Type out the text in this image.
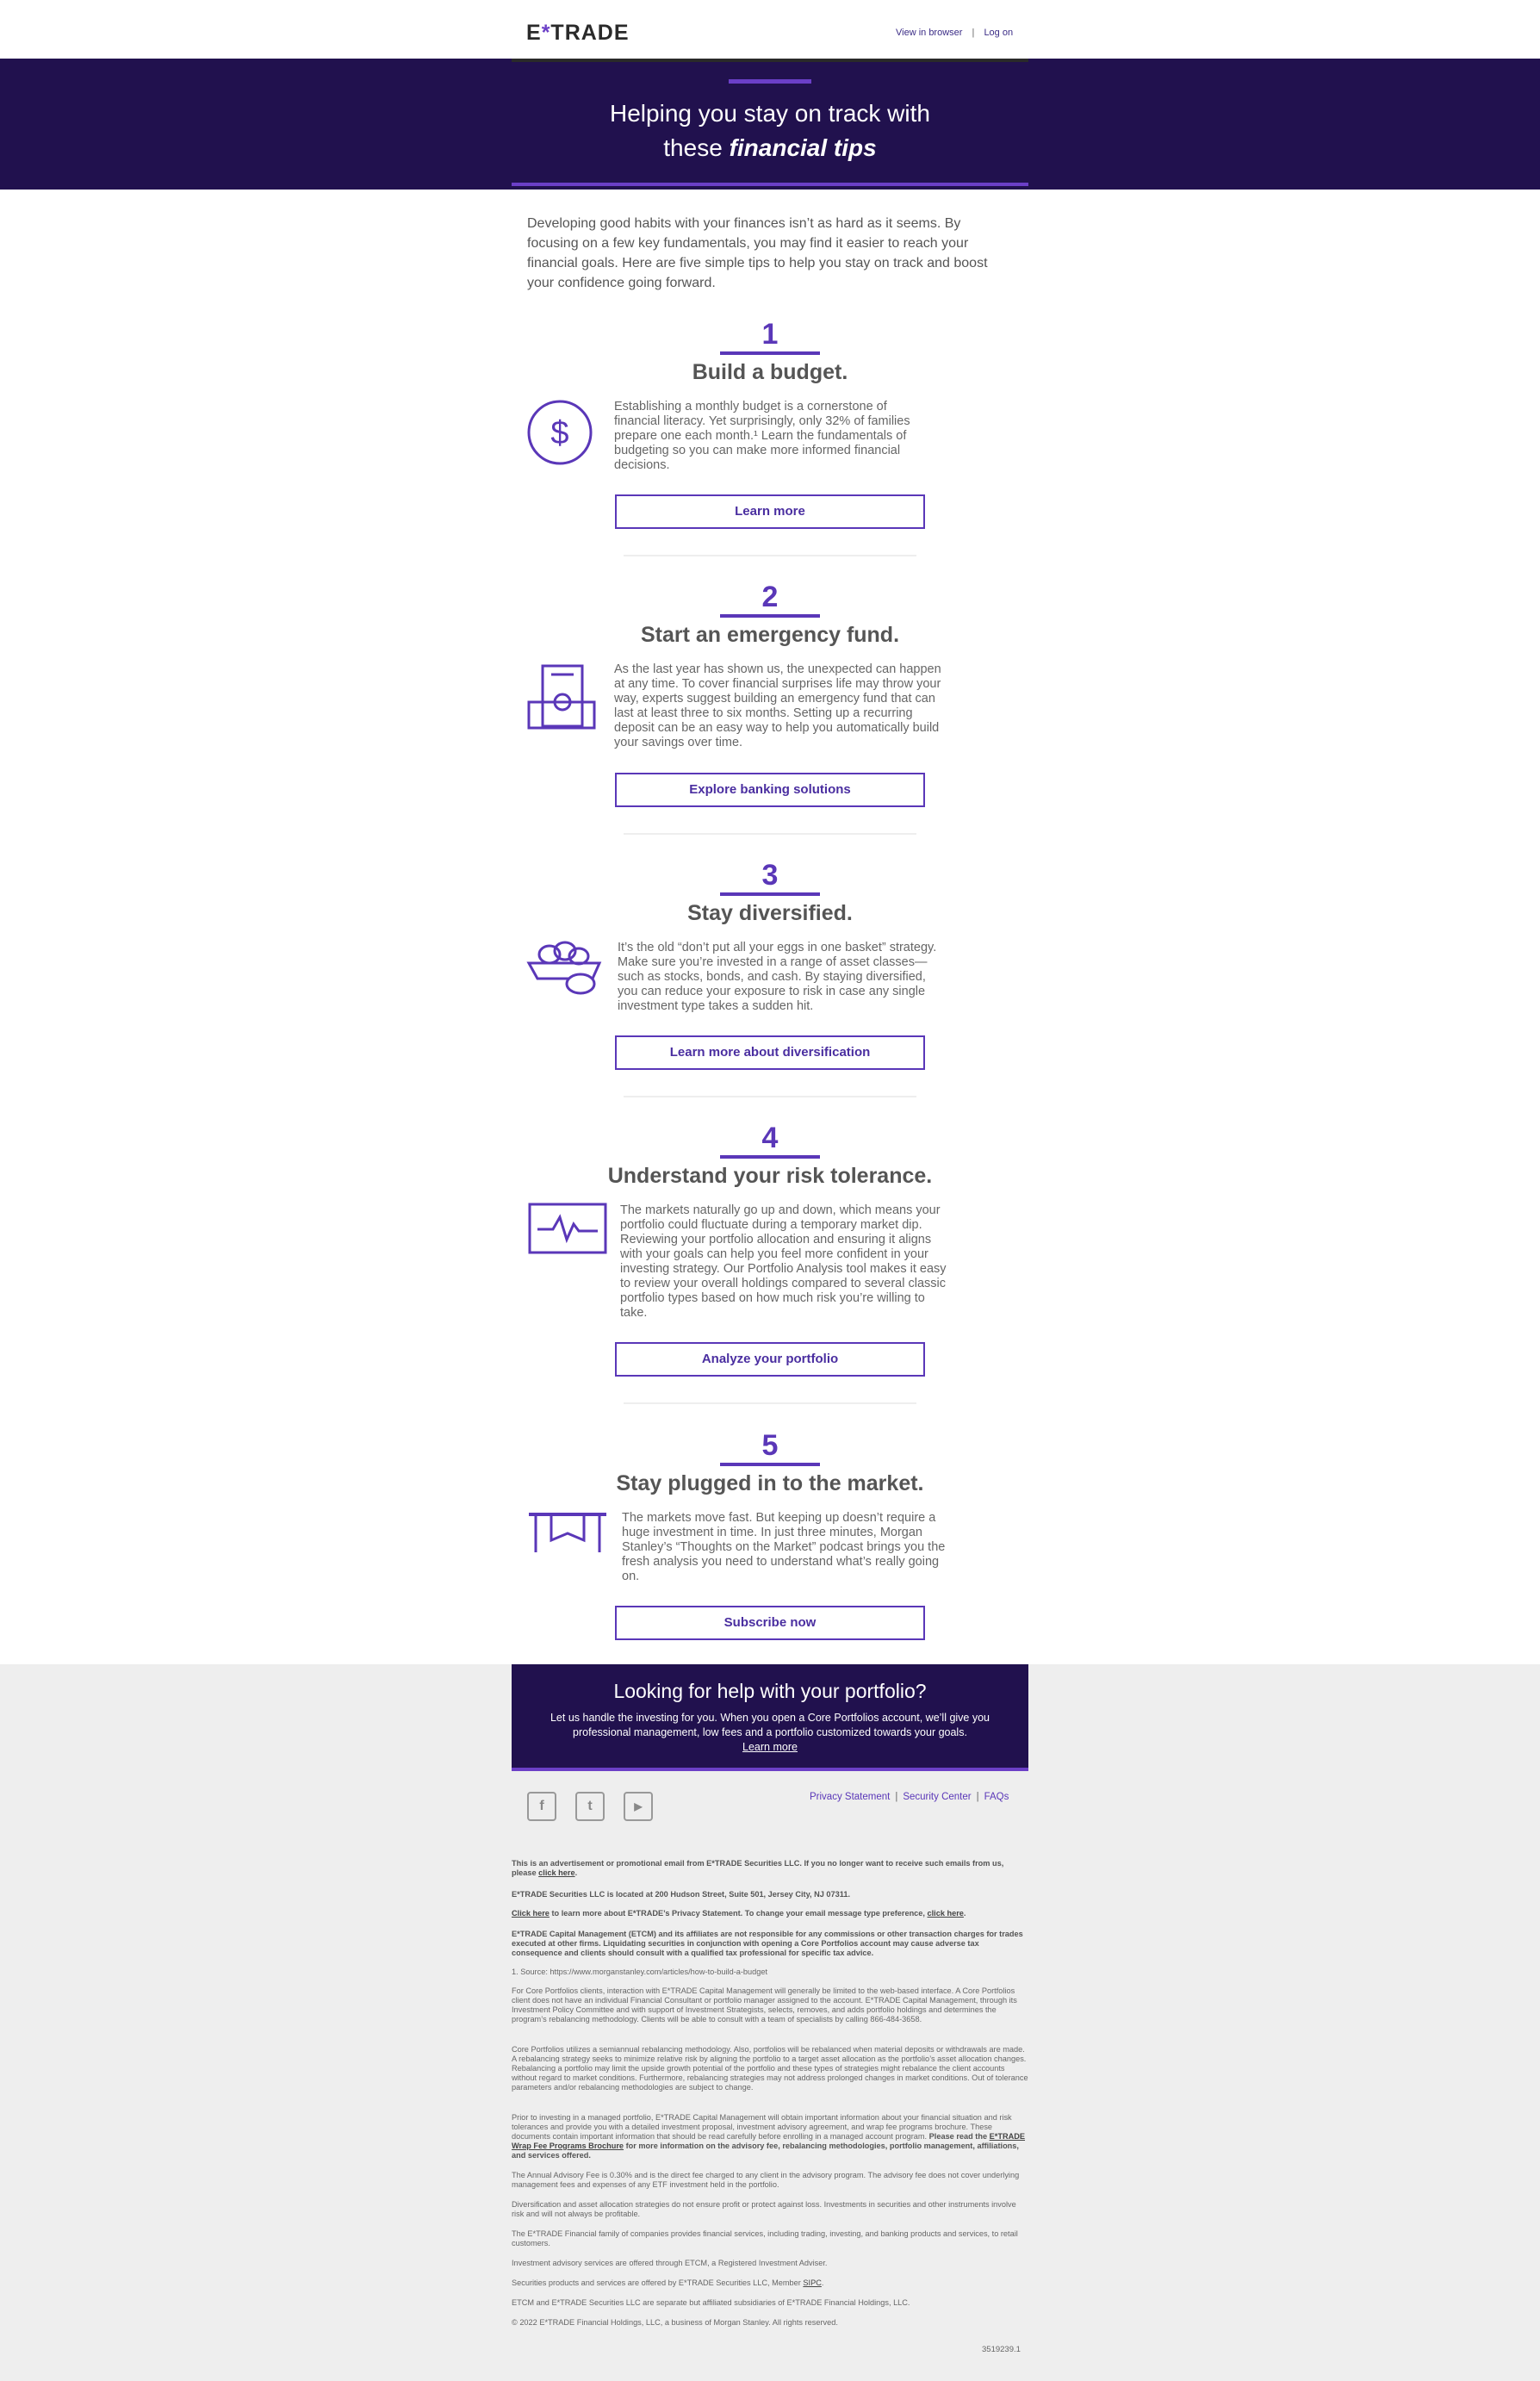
E*TRADE	View in browser | Log on
Helping you stay on track with
these financial tips
Developing good habits with your finances isn’t as hard as it seems. By focusing on a few key fundamentals, you may find it easier to reach your financial goals. Here are five simple tips to help you stay on track and boost your confidence going forward.
1
Build a budget.
$
Establishing a monthly budget is a cornerstone of financial literacy. Yet surprisingly, only 32% of families prepare one each month.¹ Learn the fundamentals of budgeting so you can make more informed financial decisions.
Learn more
2
Start an emergency fund.
As the last year has shown us, the unexpected can happen at any time. To cover financial surprises life may throw your way, experts suggest building an emergency fund that can last at least three to six months. Setting up a recurring deposit can be an easy way to help you automatically build your savings over time.
Explore banking solutions
3
Stay diversified.
It’s the old “don’t put all your eggs in one basket” strategy. Make sure you’re invested in a range of asset classes—such as stocks, bonds, and cash. By staying diversified, you can reduce your exposure to risk in case any single investment type takes a sudden hit.
Learn more about diversification
4
Understand your risk tolerance.
The markets naturally go up and down, which means your portfolio could fluctuate during a temporary market dip. Reviewing your portfolio allocation and ensuring it aligns with your goals can help you feel more confident in your investing strategy. Our Portfolio Analysis tool makes it easy to review your overall holdings compared to several classic portfolio types based on how much risk you’re willing to take.
Analyze your portfolio
5
Stay plugged in to the market.
The markets move fast. But keeping up doesn’t require a huge investment in time. In just three minutes, Morgan Stanley’s “Thoughts on the Market” podcast brings you the fresh analysis you need to understand what’s really going on.
Subscribe now
Looking for help with your portfolio?
Let us handle the investing for you. When you open a Core Portfolios account, we’ll give you professional management, low fees and a portfolio customized towards your goals.
Learn more
f	t	▶
Privacy Statement | Security Center | FAQs
This is an advertisement or promotional email from E*TRADE Securities LLC. If you no longer want to receive such emails from us, please click here.
E*TRADE Securities LLC is located at 200 Hudson Street, Suite 501, Jersey City, NJ 07311.
Click here to learn more about E*TRADE’s Privacy Statement. To change your email message type preference, click here.
E*TRADE Capital Management (ETCM) and its affiliates are not responsible for any commissions or other transaction charges for trades executed at other firms. Liquidating securities in conjunction with opening a Core Portfolios account may cause adverse tax consequence and clients should consult with a qualified tax professional for specific tax advice.
1. Source: https://www.morganstanley.com/articles/how-to-build-a-budget
For Core Portfolios clients, interaction with E*TRADE Capital Management will generally be limited to the web-based interface. A Core Portfolios client does not have an individual Financial Consultant or portfolio manager assigned to the account. E*TRADE Capital Management, through its Investment Policy Committee and with support of Investment Strategists, selects, removes, and adds portfolio holdings and determines the program’s rebalancing methodology. Clients will be able to consult with a team of specialists by calling 866-484-3658.
Core Portfolios utilizes a semiannual rebalancing methodology. Also, portfolios will be rebalanced when material deposits or withdrawals are made. A rebalancing strategy seeks to minimize relative risk by aligning the portfolio to a target asset allocation as the portfolio’s asset allocation changes. Rebalancing a portfolio may limit the upside growth potential of the portfolio and these types of strategies might rebalance the client accounts without regard to market conditions. Furthermore, rebalancing strategies may not address prolonged changes in market conditions. Out of tolerance parameters and/or rebalancing methodologies are subject to change.
Prior to investing in a managed portfolio, E*TRADE Capital Management will obtain important information about your financial situation and risk tolerances and provide you with a detailed investment proposal, investment advisory agreement, and wrap fee programs brochure. These documents contain important information that should be read carefully before enrolling in a managed account program. Please read the E*TRADE Wrap Fee Programs Brochure for more information on the advisory fee, rebalancing methodologies, portfolio management, affiliations, and services offered.
The Annual Advisory Fee is 0.30% and is the direct fee charged to any client in the advisory program. The advisory fee does not cover underlying management fees and expenses of any ETF investment held in the portfolio.
Diversification and asset allocation strategies do not ensure profit or protect against loss. Investments in securities and other instruments involve risk and will not always be profitable.
The E*TRADE Financial family of companies provides financial services, including trading, investing, and banking products and services, to retail customers.
Investment advisory services are offered through ETCM, a Registered Investment Adviser.
Securities products and services are offered by E*TRADE Securities LLC, Member SIPC.
ETCM and E*TRADE Securities LLC are separate but affiliated subsidiaries of E*TRADE Financial Holdings, LLC.
© 2022 E*TRADE Financial Holdings, LLC, a business of Morgan Stanley. All rights reserved.
3519239.1
